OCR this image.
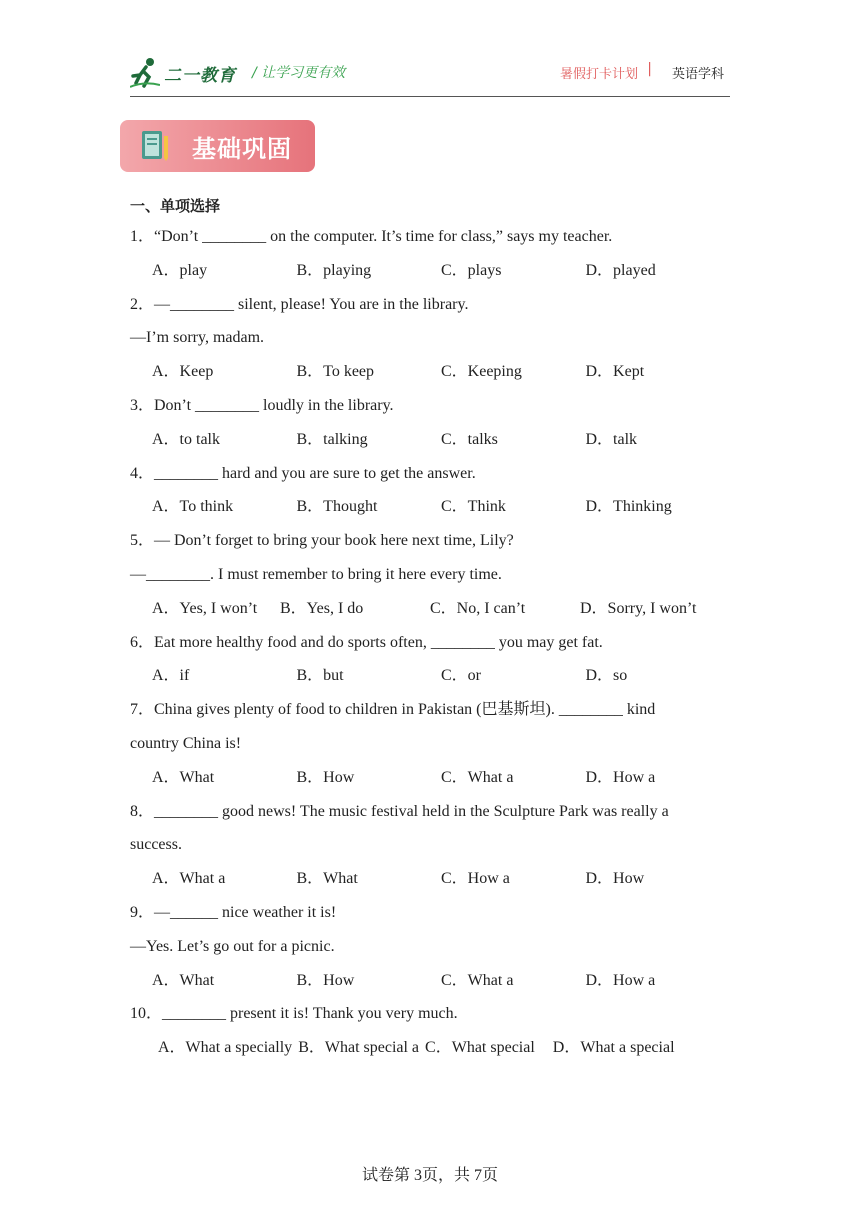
二一教育 / 让学习更有效	暑假打卡计划 | 英语学科
基础巩固
一、单项选择
1．“Don’t ________ on the computer. It’s time for class,” says my teacher.
A．play	B．playing	C．plays	D．played
2．—________ silent, please! You are in the library.
—I’m sorry, madam.
A．Keep	B．To keep	C．Keeping	D．Kept
3．Don’t ________ loudly in the library.
A．to talk	B．talking	C．talks	D．talk
4．________ hard and you are sure to get the answer.
A．To think	B．Thought	C．Think	D．Thinking
5．— Don’t forget to bring your book here next time, Lily?
—________. I must remember to bring it here every time.
A．Yes, I won’t	B．Yes, I do	C．No, I can’t	D．Sorry, I won’t
6．Eat more healthy food and do sports often, ________ you may get fat.
A．if	B．but	C．or	D．so
7．China gives plenty of food to children in Pakistan (巴基斯坦). ________ kind
country China is!
A．What	B．How	C．What a	D．How a
8．________ good news! The music festival held in the Sculpture Park was really a
success.
A．What a	B．What	C．How a	D．How
9．—______ nice weather it is!
—Yes. Let’s go out for a picnic.
A．What	B．How	C．What a	D．How a
10．________ present it is! Thank you very much.
A．What a specially B．What special a C．What special D．What a special
试卷第 3页，共 7页
